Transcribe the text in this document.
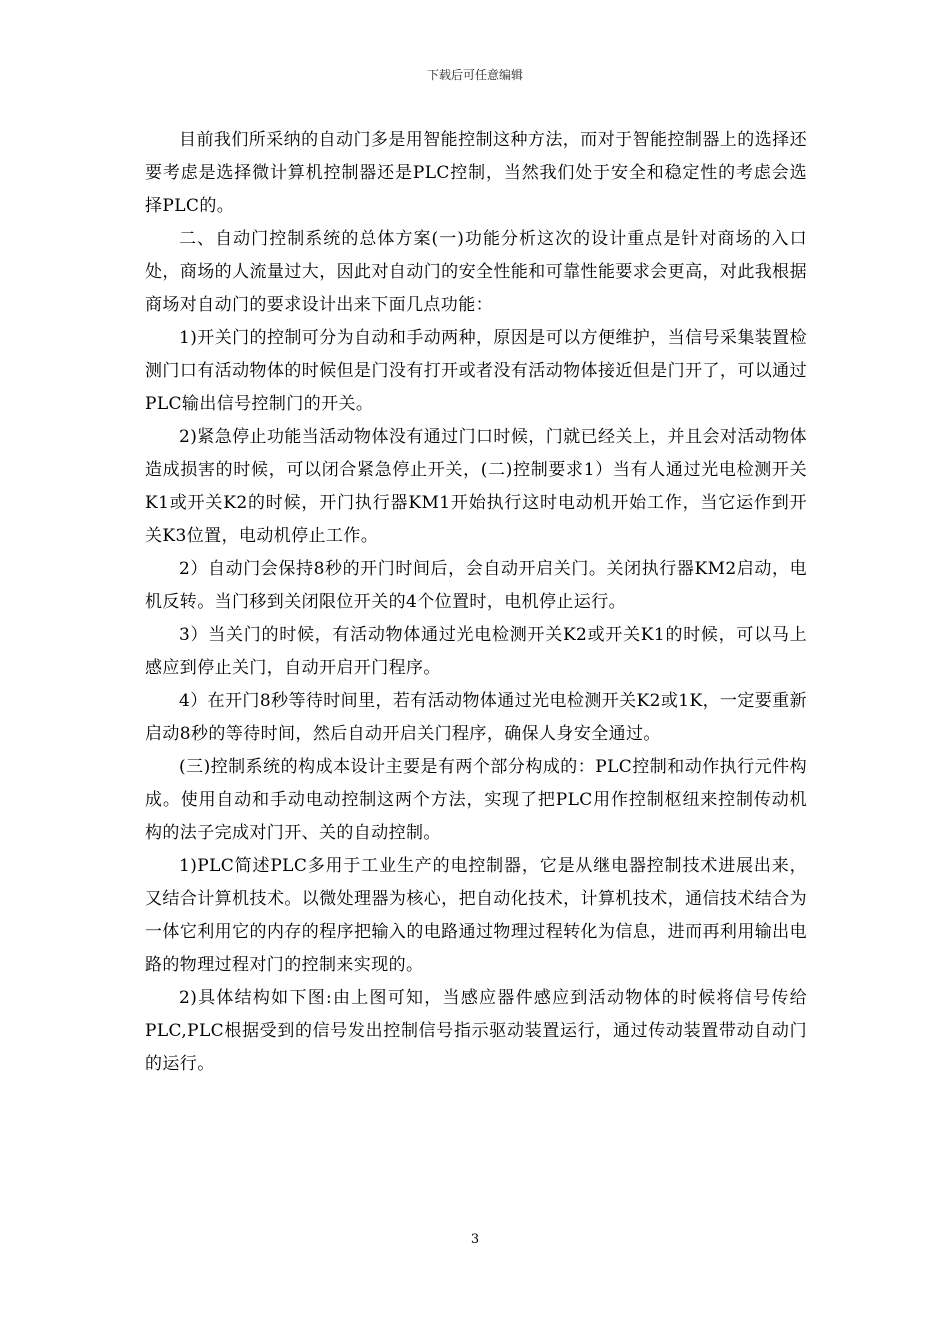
下载后可任意编辑

目前我们所采纳的自动门多是用智能控制这种方法，而对于智能控制器上的选择还要考虑是选择微计算机控制器还是PLC控制，当然我们处于安全和稳定性的考虑会选择PLC的。

二、自动门控制系统的总体方案(一)功能分析这次的设计重点是针对商场的入口处，商场的人流量过大，因此对自动门的安全性能和可靠性能要求会更高，对此我根据商场对自动门的要求设计出来下面几点功能：

1)开关门的控制可分为自动和手动两种，原因是可以方便维护，当信号采集装置检测门口有活动物体的时候但是门没有打开或者没有活动物体接近但是门开了，可以通过PLC输出信号控制门的开关。

2)紧急停止功能当活动物体没有通过门口时候，门就已经关上，并且会对活动物体造成损害的时候，可以闭合紧急停止开关，(二)控制要求1）当有人通过光电检测开关K1或开关K2的时候，开门执行器KM1开始执行这时电动机开始工作，当它运作到开关K3位置，电动机停止工作。

2）自动门会保持8秒的开门时间后，会自动开启关门。关闭执行器KM2启动，电机反转。当门移到关闭限位开关的4个位置时，电机停止运行。

3）当关门的时候，有活动物体通过光电检测开关K2或开关K1的时候，可以马上感应到停止关门，自动开启开门程序。

4）在开门8秒等待时间里，若有活动物体通过光电检测开关K2或1K，一定要重新启动8秒的等待时间，然后自动开启关门程序，确保人身安全通过。

(三)控制系统的构成本设计主要是有两个部分构成的：PLC控制和动作执行元件构成。使用自动和手动电动控制这两个方法，实现了把PLC用作控制枢纽来控制传动机构的法子完成对门开、关的自动控制。

1)PLC简述PLC多用于工业生产的电控制器，它是从继电器控制技术进展出来，又结合计算机技术。以微处理器为核心，把自动化技术，计算机技术，通信技术结合为一体它利用它的内存的程序把输入的电路通过物理过程转化为信息，进而再利用输出电路的物理过程对门的控制来实现的。

2)具体结构如下图:由上图可知，当感应器件感应到活动物体的时候将信号传给PLC,PLC根据受到的信号发出控制信号指示驱动装置运行，通过传动装置带动自动门的运行。

3
